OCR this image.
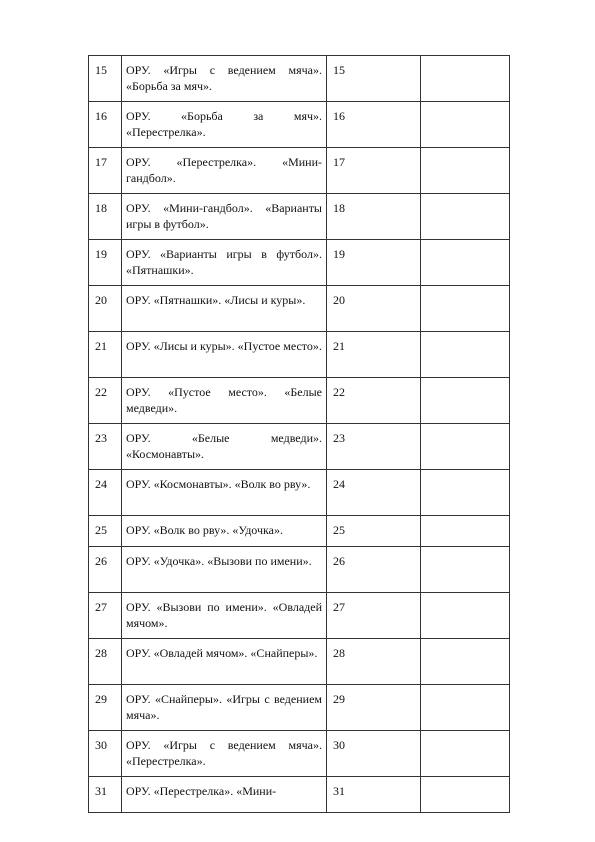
15	ОРУ. «Игры с ведением мяча». «Борьба за мяч».	15	
16	ОРУ. «Борьба за мяч». «Перестрелка».	16	
17	ОРУ. «Перестрелка». «Мини-гандбол».	17	
18	ОРУ. «Мини-гандбол». «Варианты игры в футбол».	18	
19	ОРУ. «Варианты игры в футбол». «Пятнашки».	19	
20	ОРУ. «Пятнашки». «Лисы и куры».	20	
21	ОРУ. «Лисы и куры». «Пустое место».	21	
22	ОРУ. «Пустое место». «Белые медведи».	22	
23	ОРУ. «Белые медведи». «Космонавты».	23	
24	ОРУ. «Космонавты». «Волк во рву».	24	
25	ОРУ. «Волк во рву». «Удочка».	25	
26	ОРУ. «Удочка». «Вызови по имени».	26	
27	ОРУ. «Вызови по имени». «Овладей мячом».	27	
28	ОРУ. «Овладей мячом». «Снайперы».	28	
29	ОРУ. «Снайперы». «Игры с ведением мяча».	29	
30	ОРУ. «Игры с ведением мяча». «Перестрелка».	30	
31	ОРУ. «Перестрелка». «Мини-	31	
